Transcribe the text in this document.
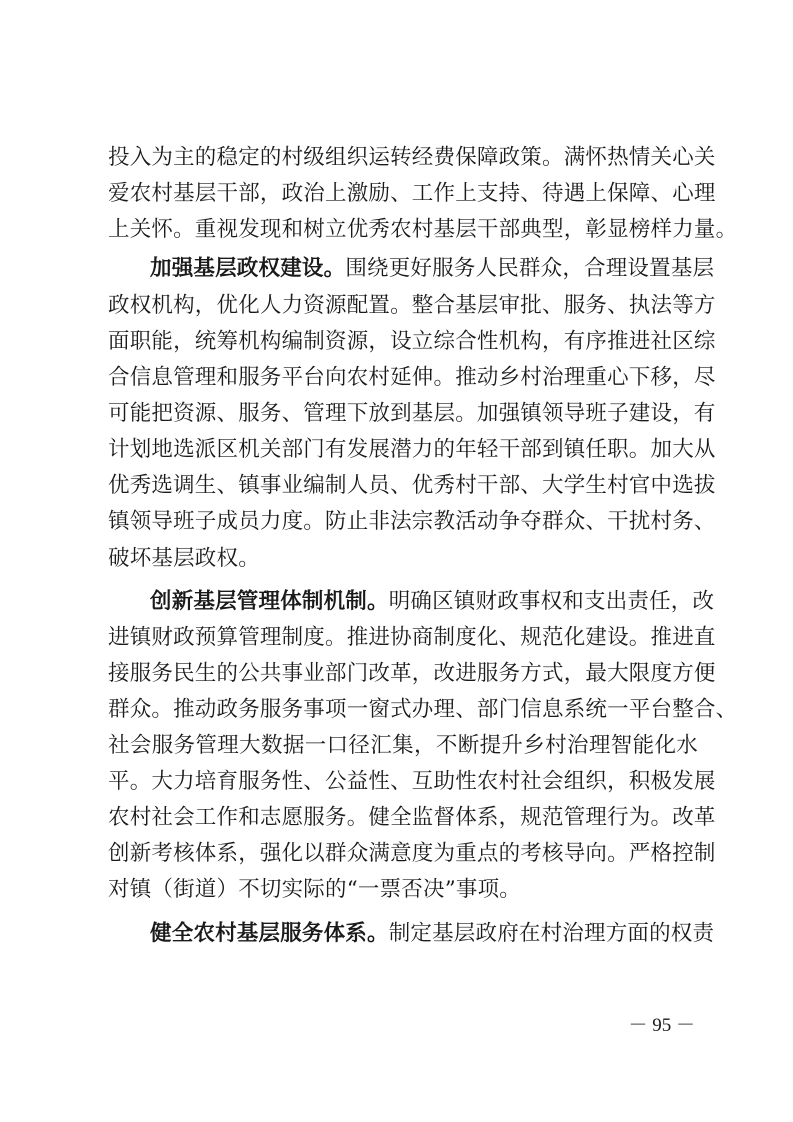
投入为主的稳定的村级组织运转经费保障政策。满怀热情关心关
爱农村基层干部，政治上激励、工作上支持、待遇上保障、心理
上关怀。重视发现和树立优秀农村基层干部典型，彰显榜样力量。
加强基层政权建设。围绕更好服务人民群众，合理设置基层
政权机构，优化人力资源配置。整合基层审批、服务、执法等方
面职能，统筹机构编制资源，设立综合性机构，有序推进社区综
合信息管理和服务平台向农村延伸。推动乡村治理重心下移，尽
可能把资源、服务、管理下放到基层。加强镇领导班子建设，有
计划地选派区机关部门有发展潜力的年轻干部到镇任职。加大从
优秀选调生、镇事业编制人员、优秀村干部、大学生村官中选拔
镇领导班子成员力度。防止非法宗教活动争夺群众、干扰村务、
破坏基层政权。
创新基层管理体制机制。明确区镇财政事权和支出责任，改
进镇财政预算管理制度。推进协商制度化、规范化建设。推进直
接服务民生的公共事业部门改革，改进服务方式，最大限度方便
群众。推动政务服务事项一窗式办理、部门信息系统一平台整合、
社会服务管理大数据一口径汇集，不断提升乡村治理智能化水
平。大力培育服务性、公益性、互助性农村社会组织，积极发展
农村社会工作和志愿服务。健全监督体系，规范管理行为。改革
创新考核体系，强化以群众满意度为重点的考核导向。严格控制
对镇（街道）不切实际的“一票否决”事项。
健全农村基层服务体系。制定基层政府在村治理方面的权责
－ 95 －
